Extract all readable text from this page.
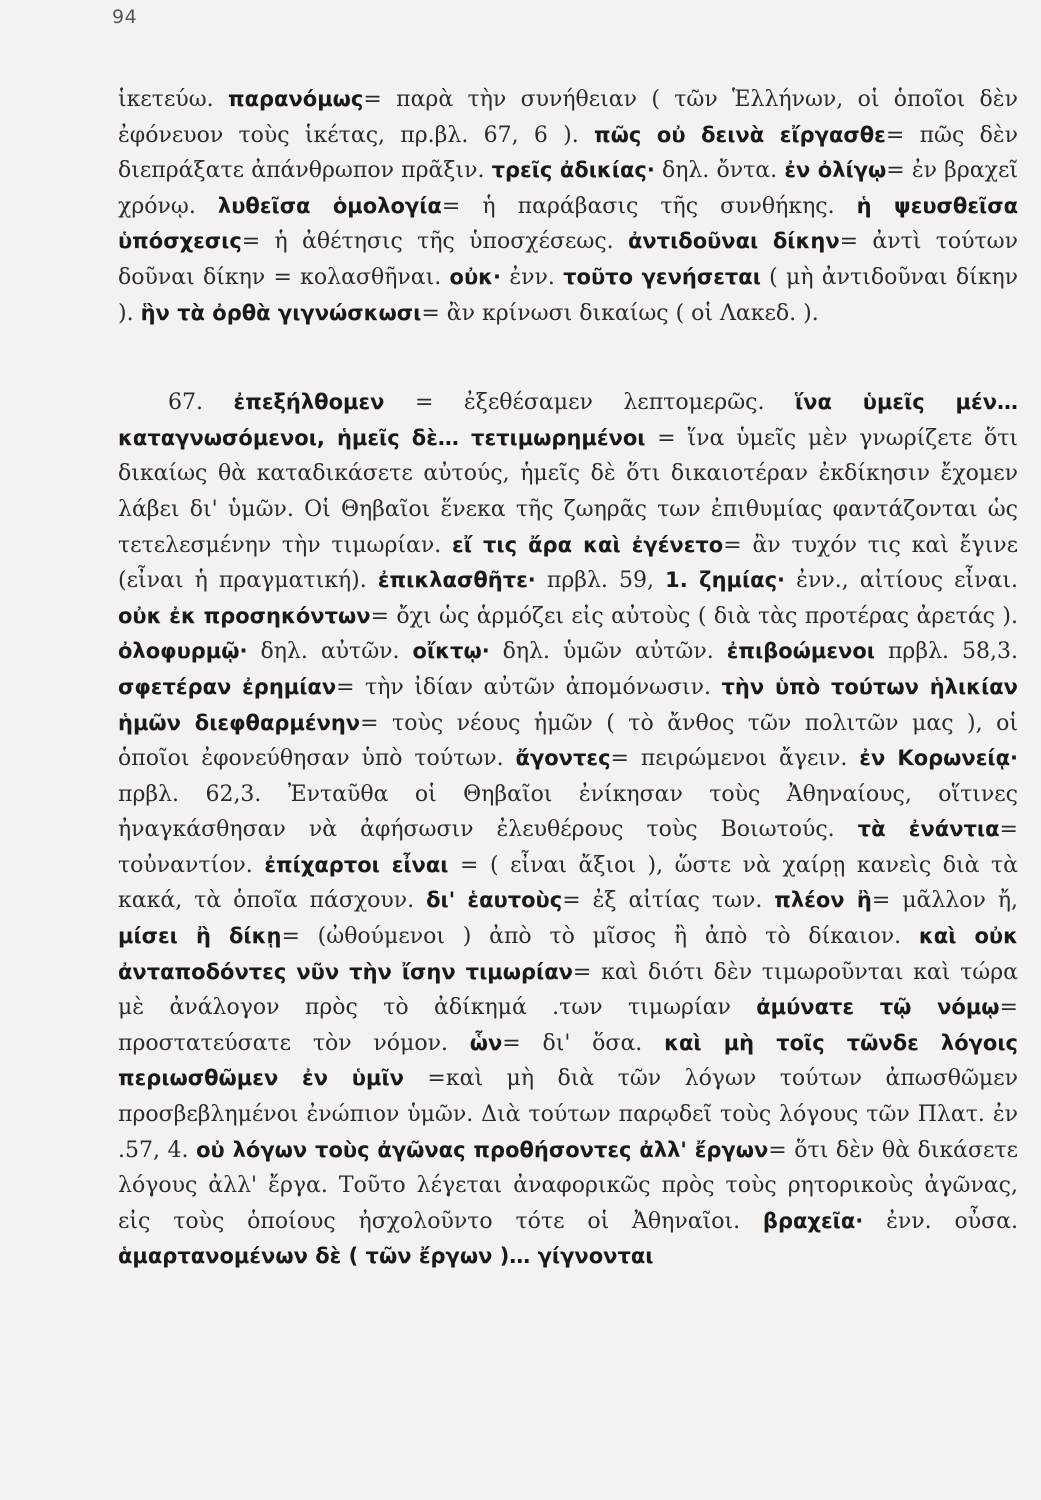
94

ἱκετεύω. παρανόμως= παρὰ τὴν συνήθειαν ( τῶν Ἑλλήνων, οἱ ὁποῖοι δὲν ἐφόνευον τοὺς ἱκέτας, πρ.βλ. 67, 6 ). πῶς οὐ δεινὰ εἴργασθε= πῶς δὲν διεπράξατε ἀπάνθρωπον πρᾶξιν. τρεῖς ἀδικίας· δηλ. ὄντα. ἐν ὀλίγῳ= ἐν βραχεῖ χρόνῳ. λυθεῖσα ὁμολογία= ἡ παράβασις τῆς συνθήκης. ἡ ψευσθεῖσα ὑπόσχεσις= ἡ ἀθέτησις τῆς ὑποσχέσεως. ἀντιδοῦναι δίκην= ἀντὶ τούτων δοῦναι δίκην = κολασθῆναι. οὐκ· ἐνν. τοῦτο γενήσεται ( μὴ ἀντιδοῦναι δίκην ). ἣν τὰ ὀρθὰ γιγνώσκωσι= ἂν κρίνωσι δικαίως ( οἱ Λακεδ. ).

67. ἐπεξήλθομεν = ἐξεθέσαμεν λεπτομερῶς. ἵνα ὑμεῖς μέν… καταγνωσόμενοι, ἡμεῖς δὲ… τετιμωρημένοι = ἵνα ὑμεῖς μὲν γνωρίζετε ὅτι δικαίως θὰ καταδικάσετε αὐτούς, ἡμεῖς δὲ ὅτι δικαιοτέραν ἐκδίκησιν ἔχομεν λάβει δι' ὑμῶν. Οἱ Θηβαῖοι ἕνεκα τῆς ζωηρᾶς των ἐπιθυμίας φαντάζονται ὡς τετελεσμένην τὴν τιμωρίαν. εἴ τις ἄρα καὶ ἐγένετο= ἂν τυχόν τις καὶ ἔγινε (εἶναι ἡ πραγματική). ἐπικλασθῆτε· πρβλ. 59, 1. ζημίας· ἐνν., αἰτίους εἶναι. οὐκ ἐκ προσηκόντων= ὄχι ὡς ἁρμόζει εἰς αὐτοὺς ( διὰ τὰς προτέρας ἀρετάς ). ὀλοφυρμῷ· δηλ. αὐτῶν. οἴκτῳ· δηλ. ὑμῶν αὐτῶν. ἐπιβοώμενοι πρβλ. 58,3. σφετέραν ἐρημίαν= τὴν ἰδίαν αὐτῶν ἀπομόνωσιν. τὴν ὑπὸ τούτων ἡλικίαν ἡμῶν διεφθαρμένην= τοὺς νέους ἡμῶν ( τὸ ἄνθος τῶν πολιτῶν μας ), οἱ ὁποῖοι ἐφονεύθησαν ὑπὸ τούτων. ἄγοντες= πειρώμενοι ἄγειν. ἐν Κορωνείᾳ· πρβλ. 62,3. Ἐνταῦθα οἱ Θηβαῖοι ἐνίκησαν τοὺς Ἀθηναίους, οἵτινες ἠναγκάσθησαν νὰ ἀφήσωσιν ἐλευθέρους τοὺς Βοιωτούς. τὰ ἐνάντια= τοὐναντίον. ἐπίχαρτοι εἶναι = ( εἶναι ἄξιοι ), ὥστε νὰ χαίρῃ κανεὶς διὰ τὰ κακά, τὰ ὁποῖα πάσχουν. δι' ἑαυτοὺς= ἐξ αἰτίας των. πλέον ἢ= μᾶλλον ἤ, μίσει ἢ δίκῃ= (ὠθούμενοι ) ἀπὸ τὸ μῖσος ἢ ἀπὸ τὸ δίκαιον. καὶ οὐκ ἀνταποδόντες νῦν τὴν ἴσην τιμωρίαν= καὶ διότι δὲν τιμωροῦνται καὶ τώρα μὲ ἀνάλογον πρὸς τὸ ἀδίκημά .των τιμωρίαν ἀμύνατε τῷ νόμῳ= προστατεύσατε τὸν νόμον. ὧν= δι' ὅσα. καὶ μὴ τοῖς τῶνδε λόγοις περιωσθῶμεν ἐν ὑμῖν =καὶ μὴ διὰ τῶν λόγων τούτων ἀπωσθῶμεν προσβεβλημένοι ἐνώπιον ὑμῶν. Διὰ τούτων παρῳδεῖ τοὺς λόγους τῶν Πλατ. ἐν .57, 4. οὐ λόγων τοὺς ἀγῶνας προθήσοντες ἀλλ' ἔργων= ὅτι δὲν θὰ δικάσετε λόγους ἀλλ' ἔργα. Τοῦτο λέγεται ἀναφορικῶς πρὸς τοὺς ρητορικοὺς ἀγῶνας, εἰς τοὺς ὁποίους ἠσχολοῦντο τότε οἱ Ἀθηναῖοι. βραχεῖα· ἐνν. οὖσα. ἁμαρτανομένων δὲ ( τῶν ἔργων )… γίγνονται
